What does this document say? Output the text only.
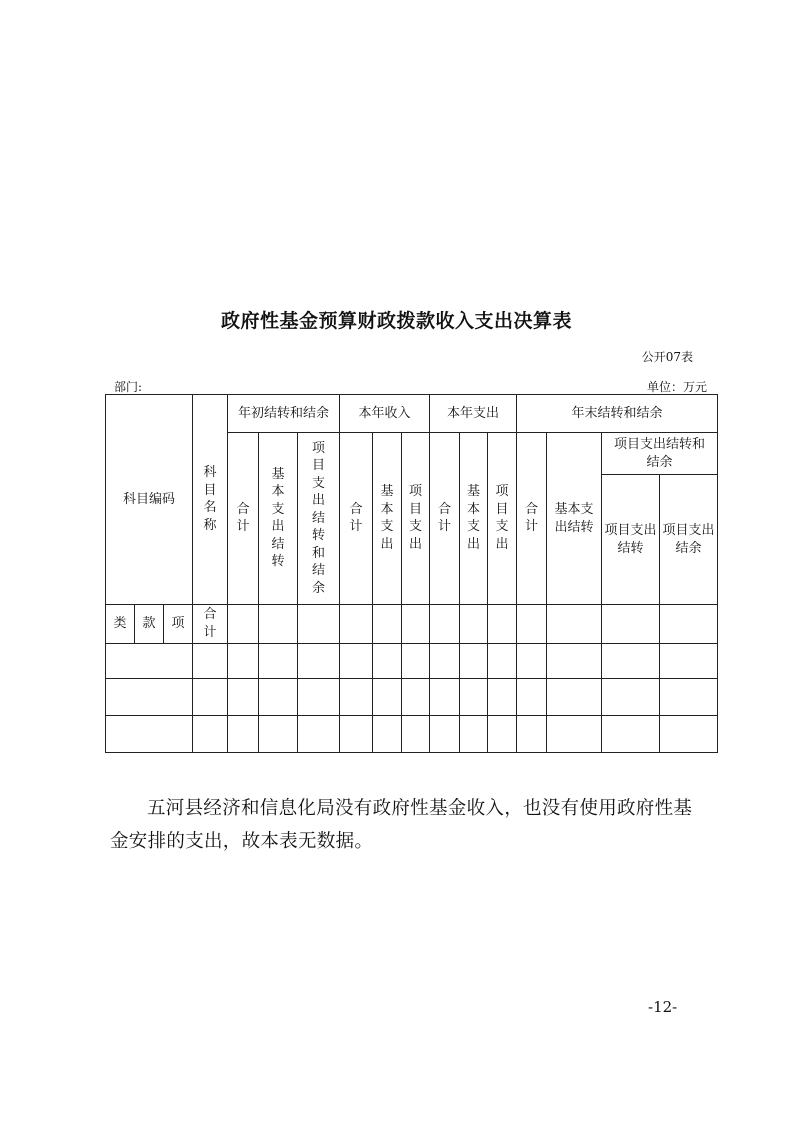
政府性基金预算财政拨款收入支出决算表
公开07表
部门:	单位：万元
科目编码			科目名称	年初结转和结余			本年收入			本年支出			年末结转和结余			
				合计	基本支出结转	项目支出结转和结余	合计	基本支出	项目支出	合计	基本支出	项目支出	合计	基本支出结转	项目支出结转和结余	
															项目支出结转	项目支出结余
类	款	项	合计													

五河县经济和信息化局没有政府性基金收入，也没有使用政府性基金安排的支出，故本表无数据。
-12-
